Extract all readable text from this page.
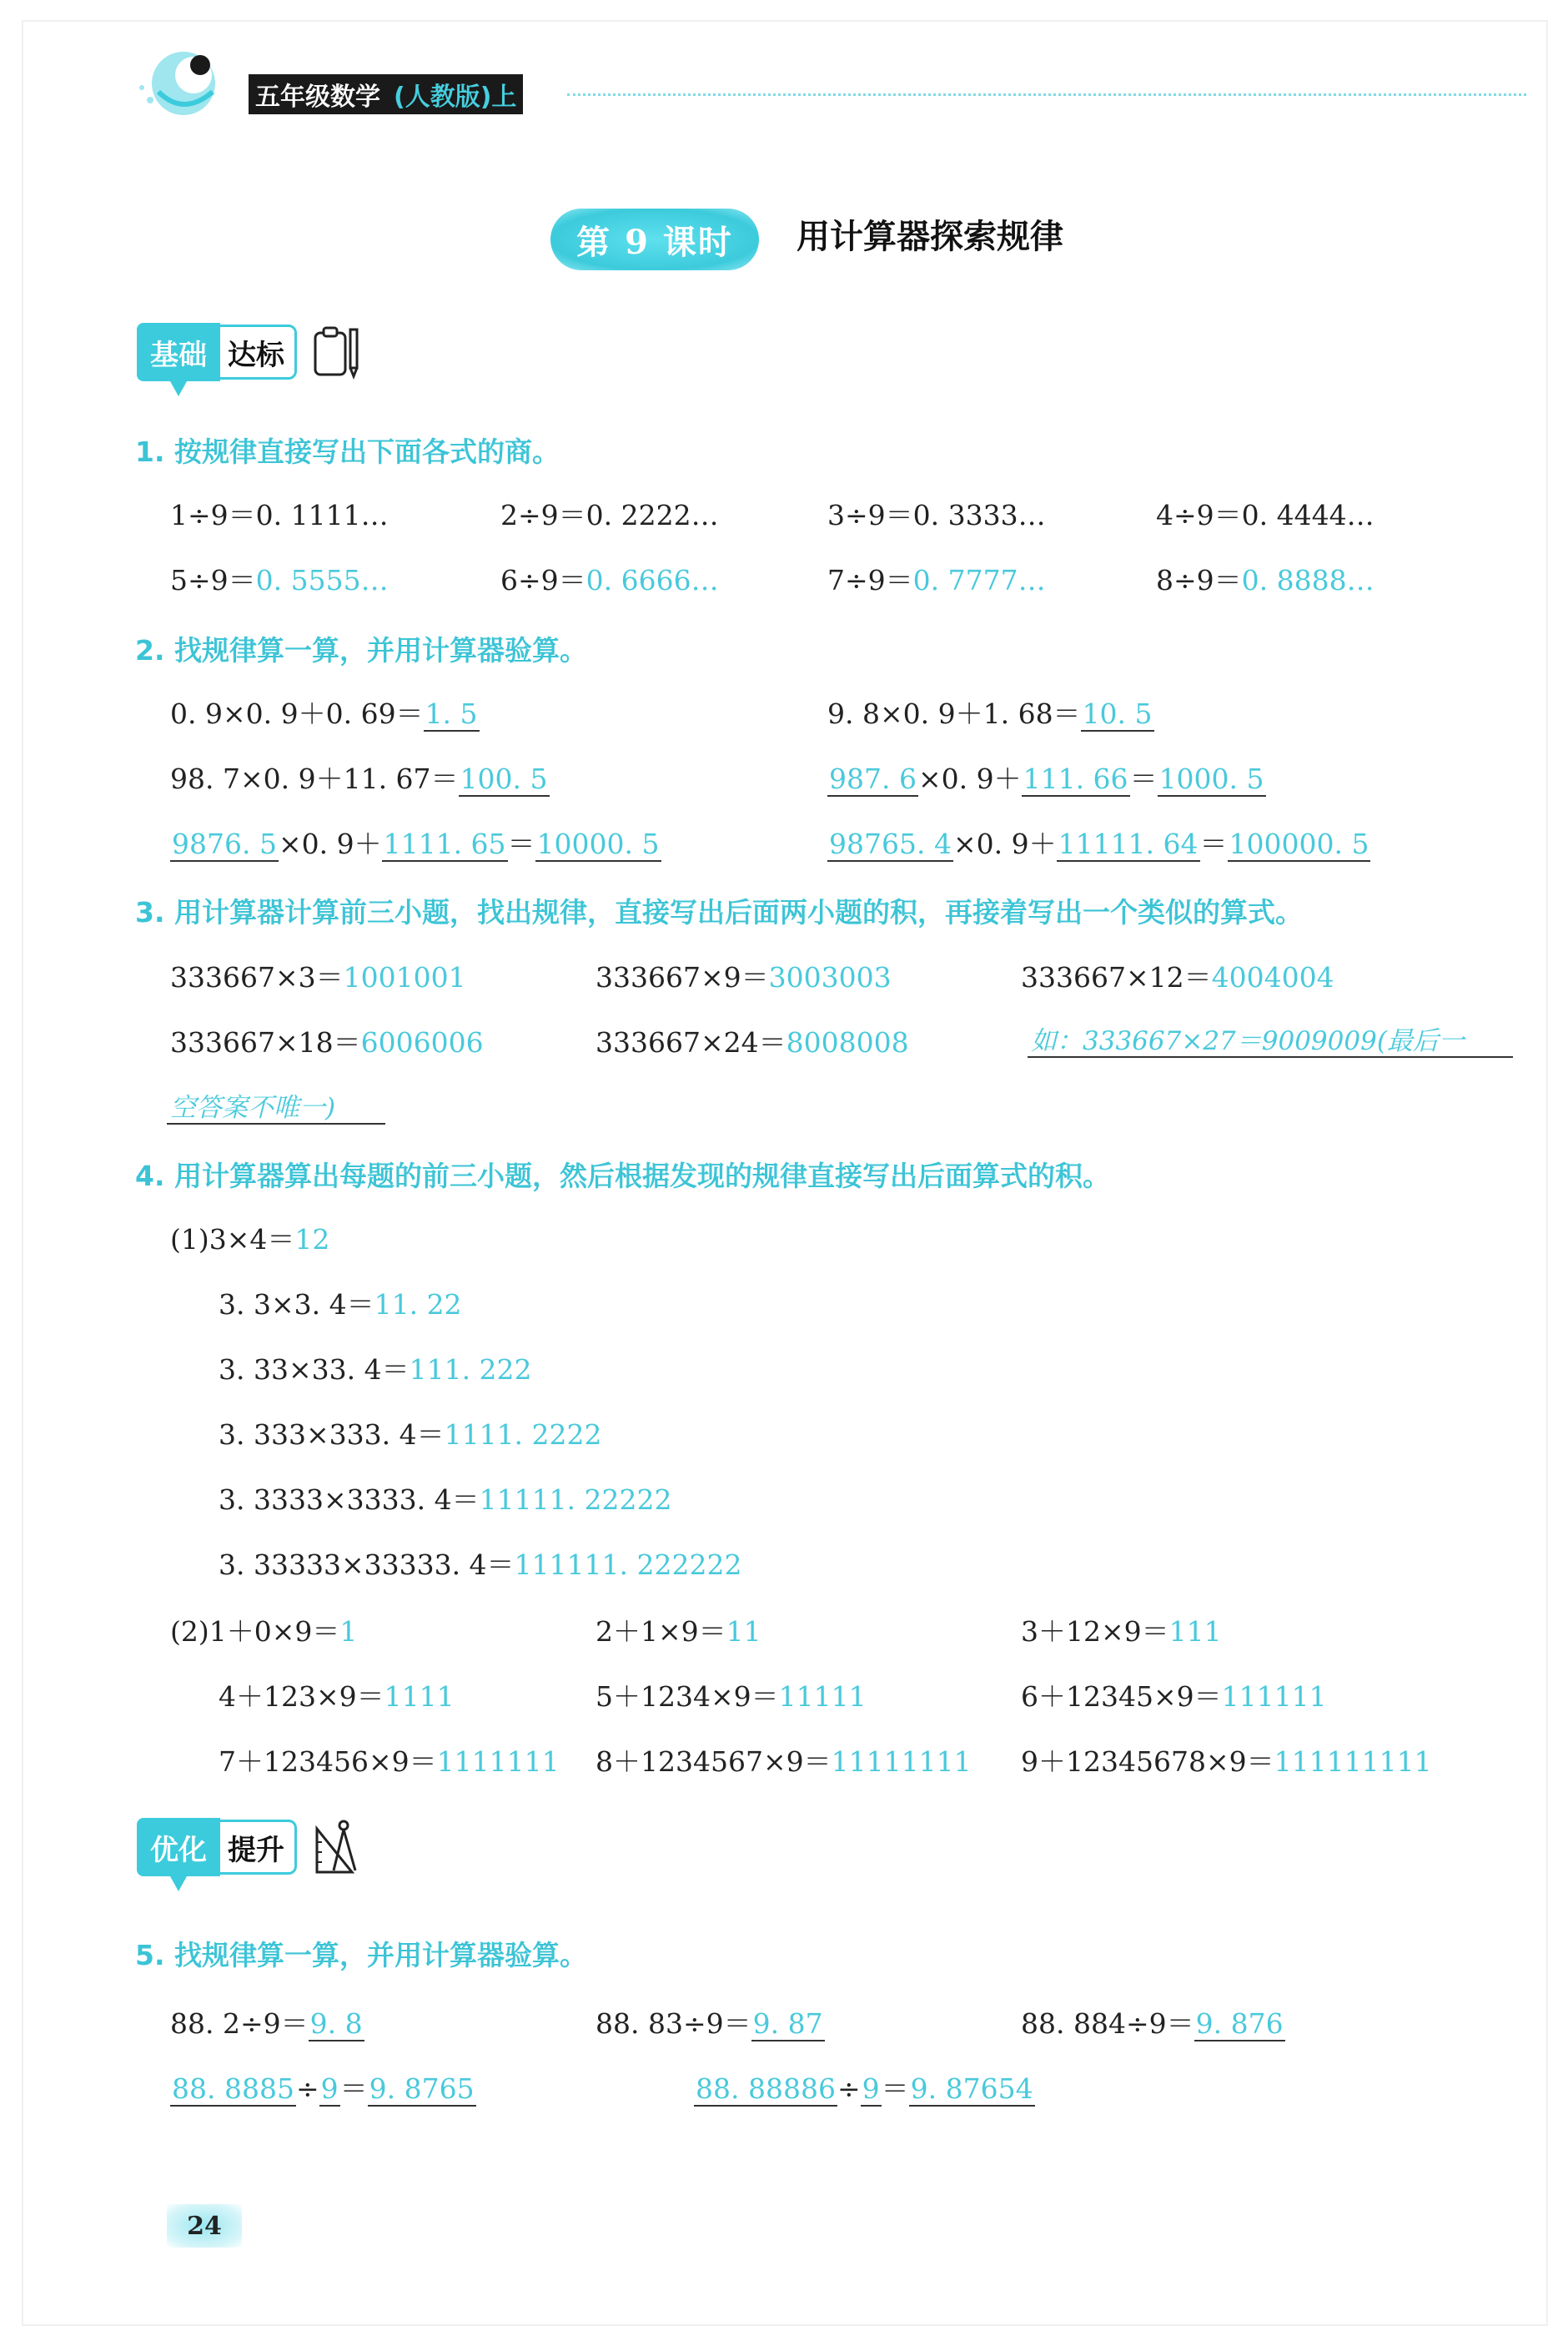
五年级数学 (人教版)上
第 9 课时	用计算器探索规律
基础 达标
1. 按规律直接写出下面各式的商。
1÷9＝0. 1111…	2÷9＝0. 2222…	3÷9＝0. 3333…	4÷9＝0. 4444…
5÷9＝0. 5555…	6÷9＝0. 6666…	7÷9＝0. 7777…	8÷9＝0. 8888…
2. 找规律算一算，并用计算器验算。
0. 9×0. 9＋0. 69＝1. 5	9. 8×0. 9＋1. 68＝10. 5
98. 7×0. 9＋11. 67＝100. 5	987. 6×0. 9＋111. 66＝1000. 5
9876. 5×0. 9＋1111. 65＝10000. 5	98765. 4×0. 9＋11111. 64＝100000. 5
3. 用计算器计算前三小题，找出规律，直接写出后面两小题的积，再接着写出一个类似的算式。
333667×3＝1001001	333667×9＝3003003	333667×12＝4004004
333667×18＝6006006	333667×24＝8008008	如：333667×27＝9009009(最后一
空答案不唯一)
4. 用计算器算出每题的前三小题，然后根据发现的规律直接写出后面算式的积。
(1)3×4＝12
3. 3×3. 4＝11. 22
3. 33×33. 4＝111. 222
3. 333×333. 4＝1111. 2222
3. 3333×3333. 4＝11111. 22222
3. 33333×33333. 4＝111111. 222222
(2)1＋0×9＝1	2＋1×9＝11	3＋12×9＝111
4＋123×9＝1111	5＋1234×9＝11111	6＋12345×9＝111111
7＋123456×9＝1111111 8＋1234567×9＝11111111 9＋12345678×9＝111111111
优化 提升
5. 找规律算一算，并用计算器验算。
88. 2÷9＝9. 8	88. 83÷9＝9. 87	88. 884÷9＝9. 876
88. 8885÷9＝9. 8765	88. 88886÷9＝9. 87654
24
